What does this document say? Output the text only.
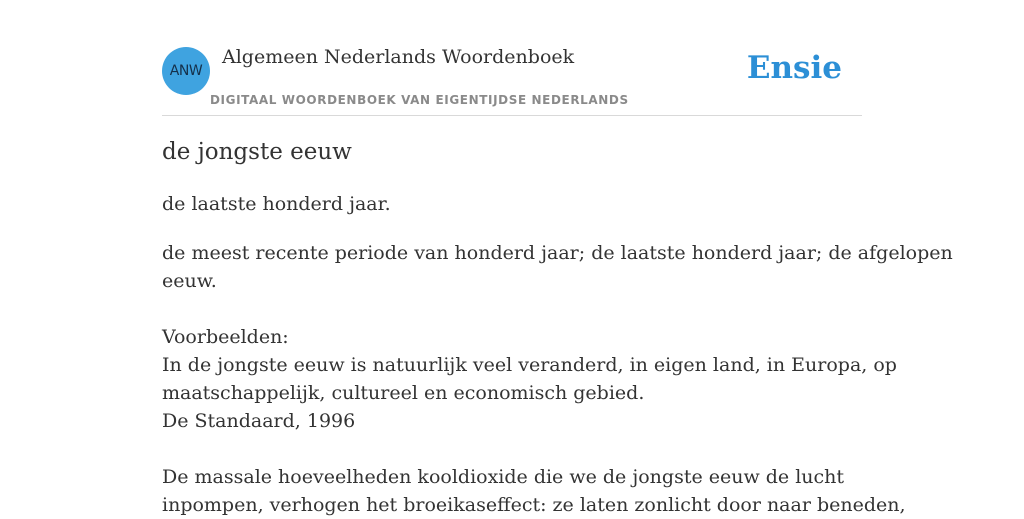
ANW
Algemeen Nederlands Woordenboek
DIGITAAL WOORDENBOEK VAN EIGENTIJDSE NEDERLANDS
Ensie
de jongste eeuw
de laatste honderd jaar.
de meest recente periode van honderd jaar; de laatste honderd jaar; de afgelopen
eeuw.
Voorbeelden:
In de jongste eeuw is natuurlijk veel veranderd, in eigen land, in Europa, op
maatschappelijk, cultureel en economisch gebied.
De Standaard, 1996
De massale hoeveelheden kooldioxide die we de jongste eeuw de lucht
inpompen, verhogen het broeikaseffect: ze laten zonlicht door naar beneden,
